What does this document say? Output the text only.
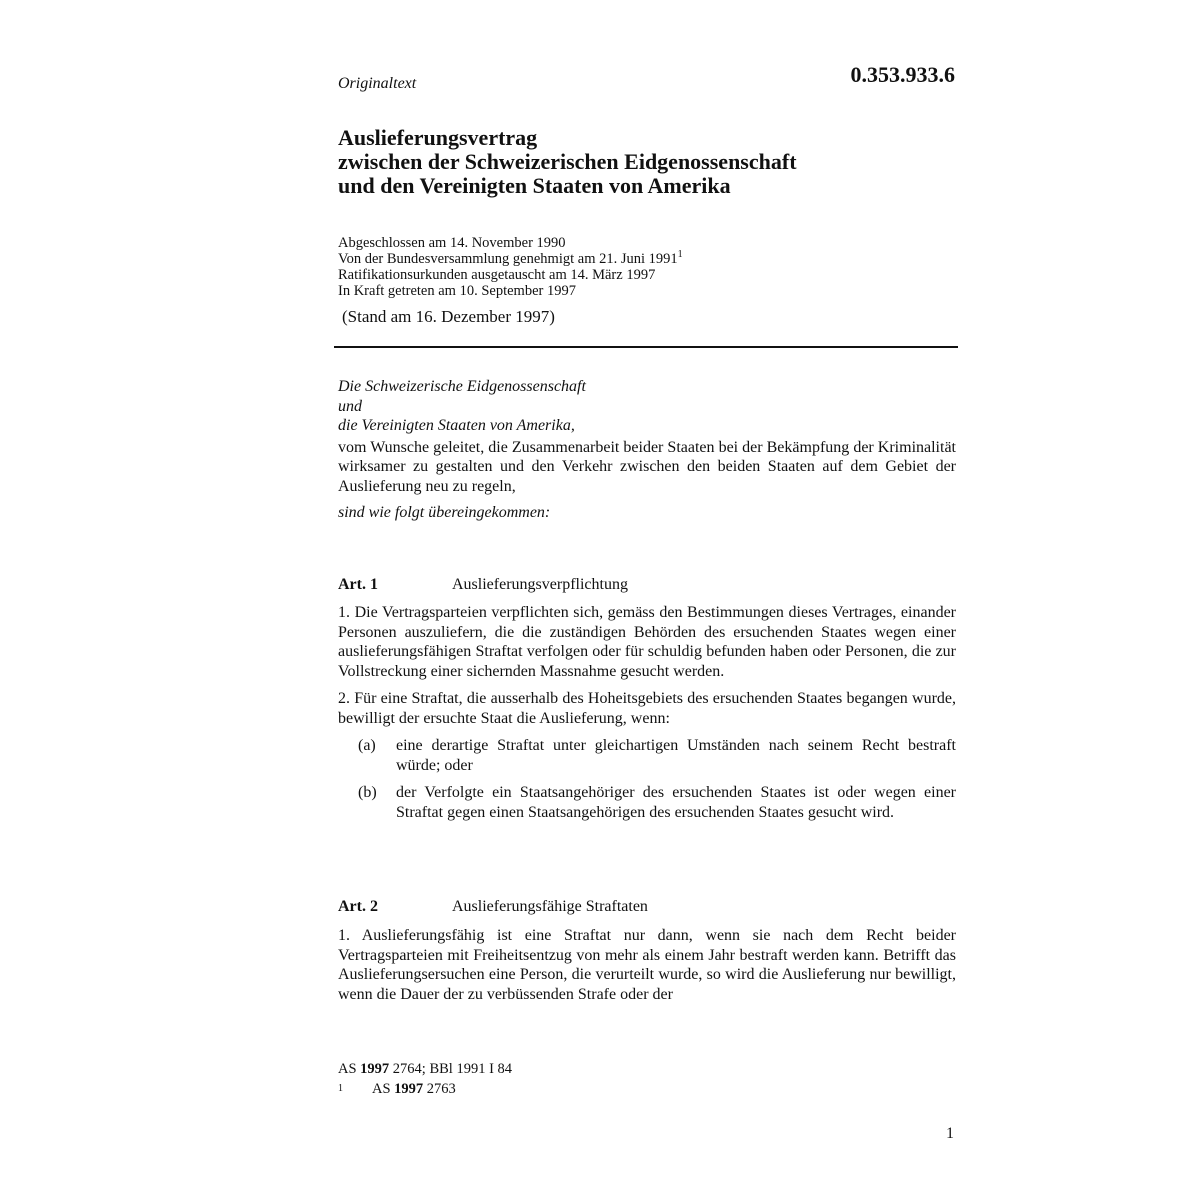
Originaltext	0.353.933.6
Auslieferungsvertrag
zwischen der Schweizerischen Eidgenossenschaft
und den Vereinigten Staaten von Amerika
Abgeschlossen am 14. November 1990
Von der Bundesversammlung genehmigt am 21. Juni 1991$^1$
Ratifikationsurkunden ausgetauscht am 14. März 1997
In Kraft getreten am 10. September 1997
(Stand am 16. Dezember 1997)

Die Schweizerische Eidgenossenschaft

und

die Vereinigten Staaten von Amerika,

vom Wunsche geleitet, die Zusammenarbeit beider Staaten bei der Bekämpfung der Kriminalität wirksamer zu gestalten und den Verkehr zwischen den beiden Staaten auf dem Gebiet der Auslieferung neu zu regeln,

sind wie folgt übereingekommen:

Art. 1	Auslieferungsverpflichtung

1. Die Vertragsparteien verpflichten sich, gemäss den Bestimmungen dieses Vertrages, einander Personen auszuliefern, die die zuständigen Behörden des ersuchenden Staates wegen einer auslieferungsfähigen Straftat verfolgen oder für schuldig befunden haben oder Personen, die zur Vollstreckung einer sichernden Massnahme gesucht werden.

2. Für eine Straftat, die ausserhalb des Hoheitsgebiets des ersuchenden Staates begangen wurde, bewilligt der ersuchte Staat die Auslieferung, wenn:

(a)	eine derartige Straftat unter gleichartigen Umständen nach seinem Recht bestraft würde; oder
(b)	der Verfolgte ein Staatsangehöriger des ersuchenden Staates ist oder wegen einer Straftat gegen einen Staatsangehörigen des ersuchenden Staates gesucht wird.
Art. 2	Auslieferungsfähige Straftaten

1. Auslieferungsfähig ist eine Straftat nur dann, wenn sie nach dem Recht beider Vertragsparteien mit Freiheitsentzug von mehr als einem Jahr bestraft werden kann. Betrifft das Auslieferungsersuchen eine Person, die verurteilt wurde, so wird die Auslieferung nur bewilligt, wenn die Dauer der zu verbüssenden Strafe oder der

AS 1997 2764; BBl 1991 I 84
1 AS 1997 2763
1
